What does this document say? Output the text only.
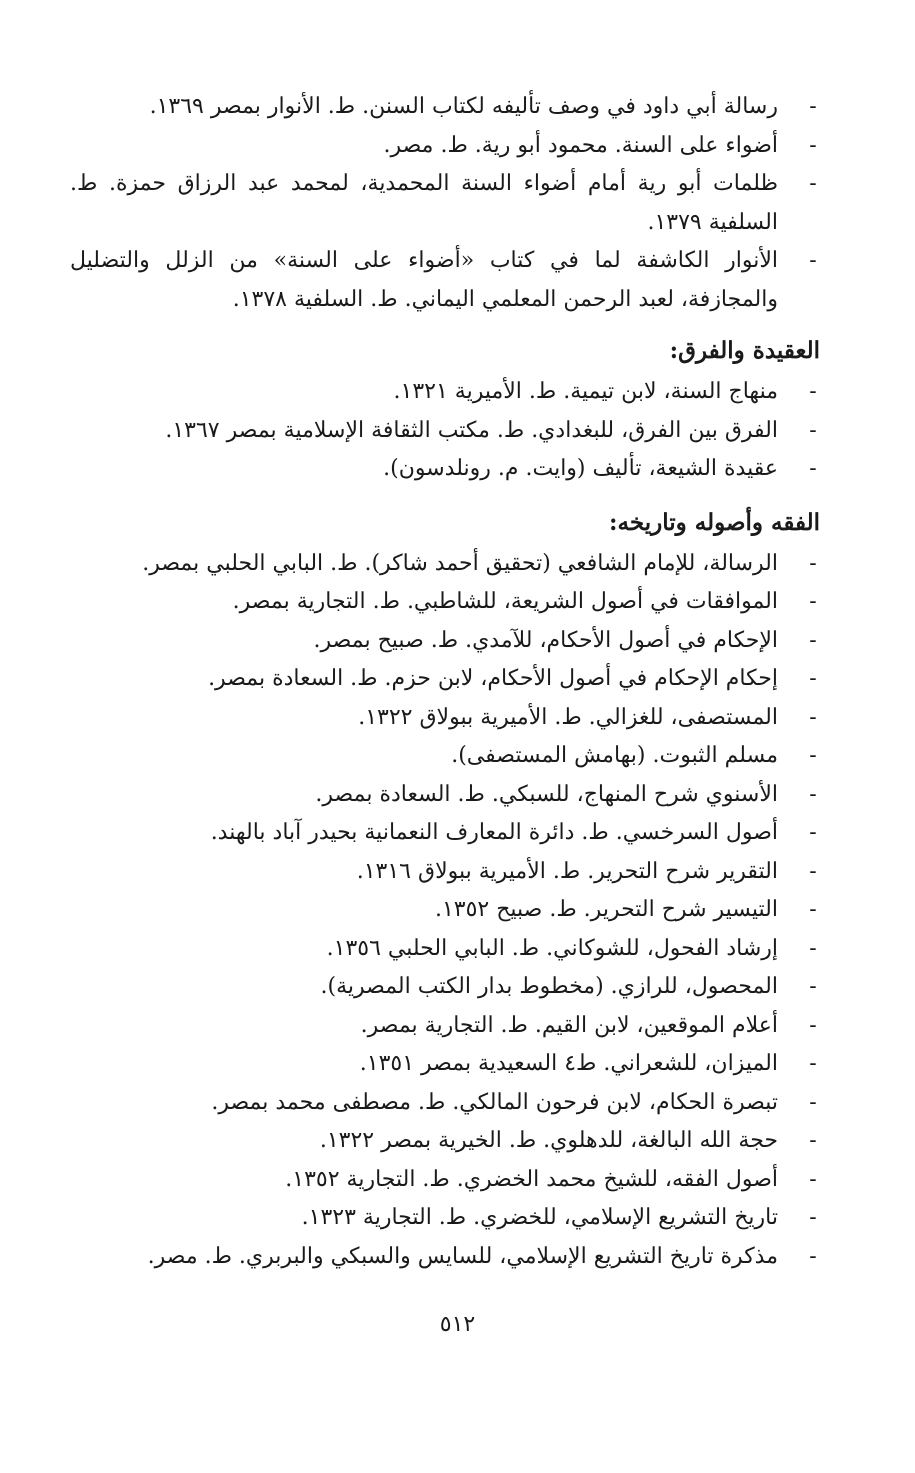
-
رسالة أبي داود في وصف تأليفه لكتاب السنن. ط. الأنوار بمصر ١٣٦٩.
-
أضواء على السنة. محمود أبو رية. ط. مصر.
-
ظلمات أبو رية أمام أضواء السنة المحمدية، لمحمد عبد الرزاق حمزة. ط. السلفية ١٣٧٩.
-
الأنوار الكاشفة لما في كتاب «أضواء على السنة» من الزلل والتضليل والمجازفة، لعبد الرحمن المعلمي اليماني. ط. السلفية ١٣٧٨.
العقيدة والفرق:
-
منهاج السنة، لابن تيمية. ط. الأميرية ١٣٢١.
-
الفرق بين الفرق، للبغدادي. ط. مكتب الثقافة الإسلامية بمصر ١٣٦٧.
-
عقيدة الشيعة، تأليف (وايت. م. رونلدسون).
الفقه وأصوله وتاريخه:
-
الرسالة، للإمام الشافعي (تحقيق أحمد شاكر). ط. البابي الحلبي بمصر.
-
الموافقات في أصول الشريعة، للشاطبي. ط. التجارية بمصر.
-
الإحكام في أصول الأحكام، للآمدي. ط. صبيح بمصر.
-
إحكام الإحكام في أصول الأحكام، لابن حزم. ط. السعادة بمصر.
-
المستصفى، للغزالي. ط. الأميرية ببولاق ١٣٢٢.
-
مسلم الثبوت. (بهامش المستصفى).
-
الأسنوي شرح المنهاج، للسبكي. ط. السعادة بمصر.
-
أصول السرخسي. ط. دائرة المعارف النعمانية بحيدر آباد بالهند.
-
التقرير شرح التحرير. ط. الأميرية ببولاق ١٣١٦.
-
التيسير شرح التحرير. ط. صبيح ١٣٥٢.
-
إرشاد الفحول، للشوكاني. ط. البابي الحلبي ١٣٥٦.
-
المحصول، للرازي. (مخطوط بدار الكتب المصرية).
-
أعلام الموقعين، لابن القيم. ط. التجارية بمصر.
-
الميزان، للشعراني. ط٤ السعيدية بمصر ١٣٥١.
-
تبصرة الحكام، لابن فرحون المالكي. ط. مصطفى محمد بمصر.
-
حجة الله البالغة، للدهلوي. ط. الخيرية بمصر ١٣٢٢.
-
أصول الفقه، للشيخ محمد الخضري. ط. التجارية ١٣٥٢.
-
تاريخ التشريع الإسلامي، للخضري. ط. التجارية ١٣٢٣.
-
مذكرة تاريخ التشريع الإسلامي، للسايس والسبكي والبربري. ط. مصر.
٥١٢
